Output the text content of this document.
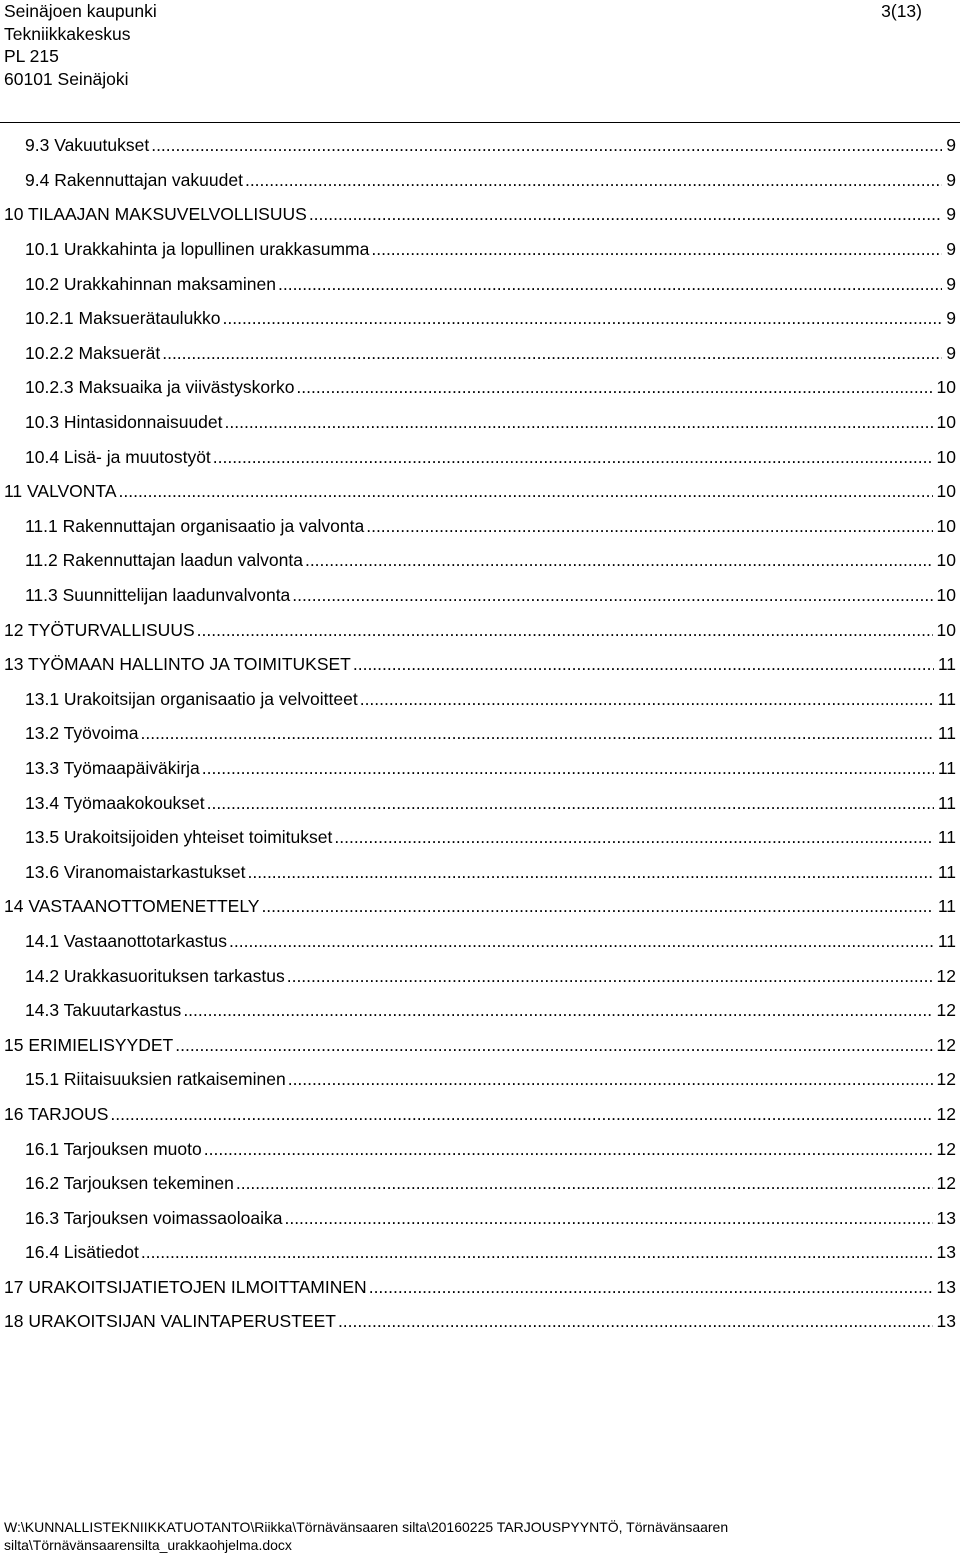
Seinäjoen kaupunki
Tekniikkakeskus
PL 215
60101 Seinäjoki
3(13)
9.3 Vakuutukset .....	9
9.4 Rakennuttajan vakuudet .....	9
10 TILAAJAN MAKSUVELVOLLISUUS .....	9
10.1 Urakkahinta ja lopullinen urakkasumma .....	9
10.2 Urakkahinnan maksaminen .....	9
10.2.1 Maksuerätaulukko .....	9
10.2.2 Maksuerät .....	9
10.2.3 Maksuaika ja viivästyskorko .....	10
10.3 Hintasidonnaisuudet .....	10
10.4 Lisä- ja muutostyöt .....	10
11 VALVONTA .....	10
11.1 Rakennuttajan organisaatio ja valvonta .....	10
11.2 Rakennuttajan laadun valvonta .....	10
11.3 Suunnittelijan laadunvalvonta .....	10
12 TYÖTURVALLISUUS .....	10
13 TYÖMAAN HALLINTO JA TOIMITUKSET .....	11
13.1 Urakoitsijan organisaatio ja velvoitteet .....	11
13.2 Työvoima .....	11
13.3 Työmaapäiväkirja .....	11
13.4 Työmaakokoukset .....	11
13.5 Urakoitsijoiden yhteiset toimitukset .....	11
13.6 Viranomaistarkastukset .....	11
14 VASTAANOTTOMENETTELY .....	11
14.1 Vastaanottotarkastus .....	11
14.2 Urakkasuorituksen tarkastus .....	12
14.3 Takuutarkastus .....	12
15 ERIMIELISYYDET .....	12
15.1 Riitaisuuksien ratkaiseminen .....	12
16 TARJOUS .....	12
16.1 Tarjouksen muoto .....	12
16.2 Tarjouksen tekeminen .....	12
16.3 Tarjouksen voimassaoloaika .....	13
16.4 Lisätiedot .....	13
17 URAKOITSIJATIETOJEN ILMOITTAMINEN .....	13
18 URAKOITSIJAN VALINTAPERUSTEET .....	13
W:\KUNNALLISTEKNIIKKATUOTANTO\Riikka\Törnävänsaaren silta\20160225 TARJOUSPYYNTÖ, Törnävänsaaren
silta\Törnävänsaarensilta_urakkaohjelma.docx
